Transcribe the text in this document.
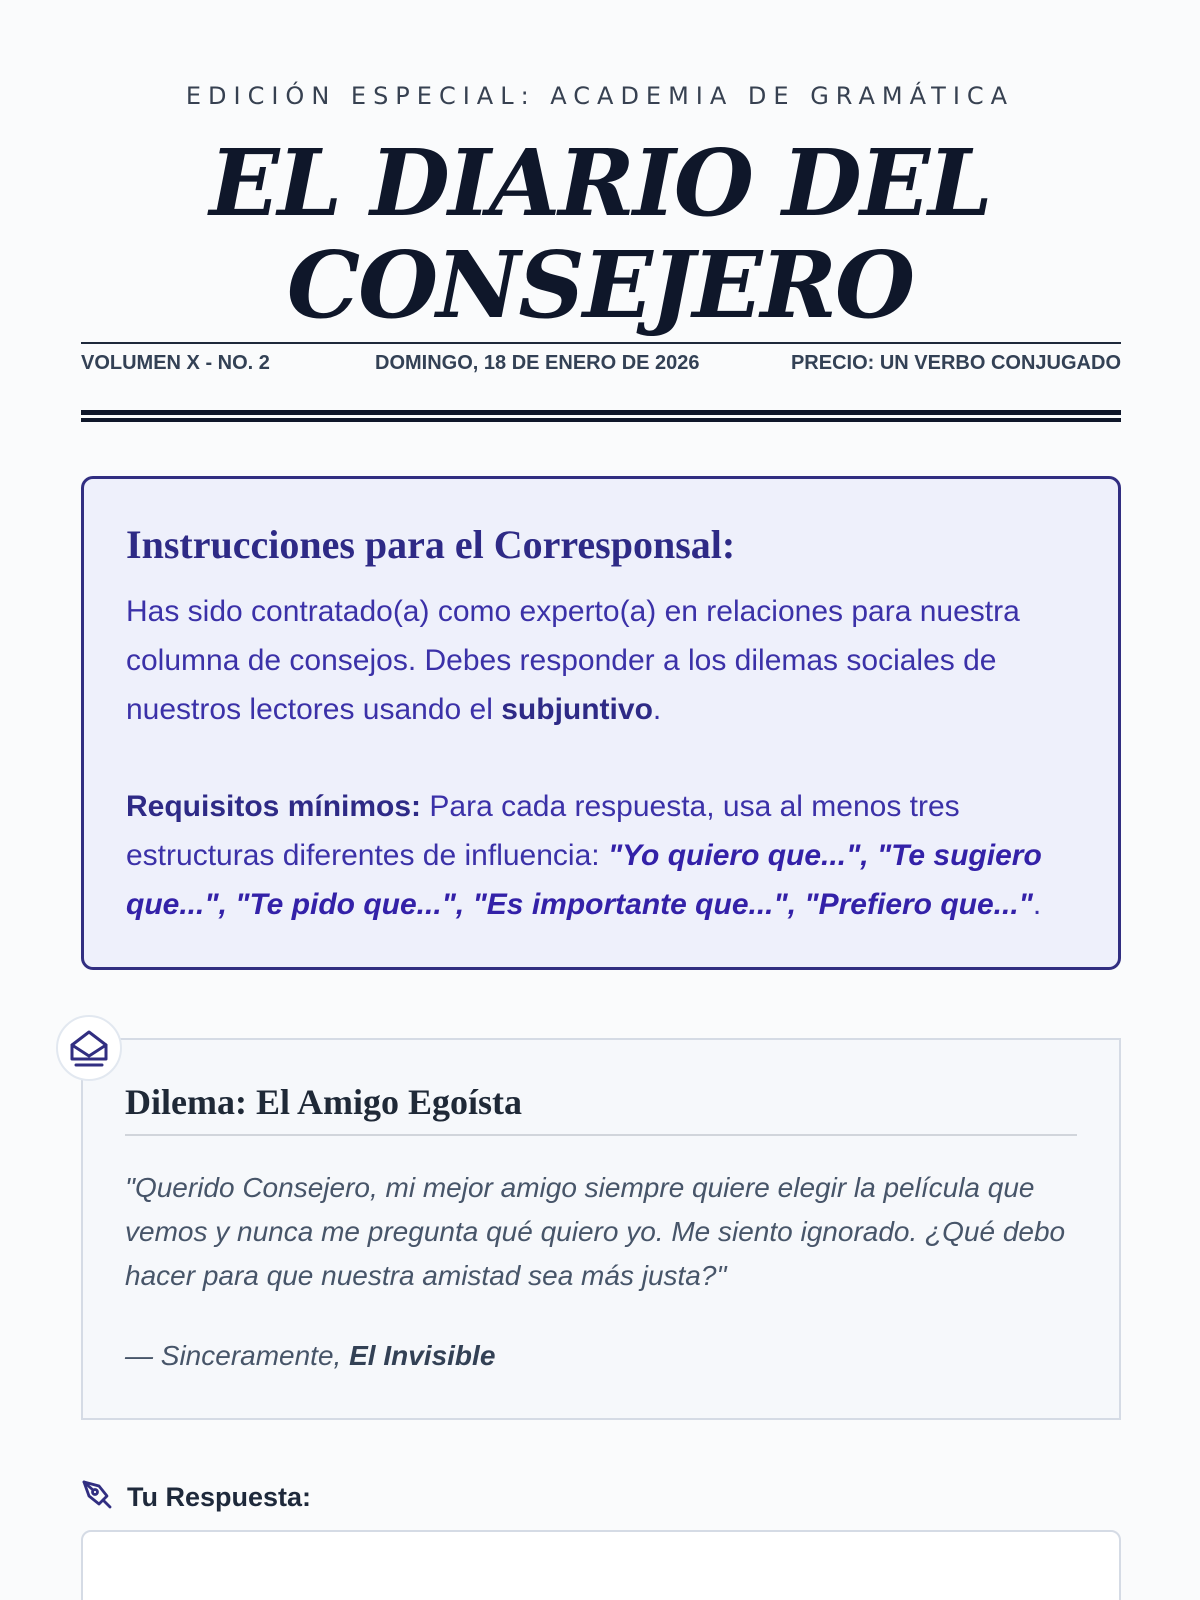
EDICIÓN ESPECIAL: ACADEMIA DE GRAMÁTICA
EL DIARIO DEL
CONSEJERO
VOLUMEN X - NO. 2	DOMINGO, 18 DE ENERO DE 2026	PRECIO: UN VERBO CONJUGADO
Instrucciones para el Corresponsal:

Has sido contratado(a) como experto(a) en relaciones para nuestra columna de consejos. Debes responder a los dilemas sociales de nuestros lectores usando el subjuntivo.

Requisitos mínimos: Para cada respuesta, usa al menos tres estructuras diferentes de influencia: "Yo quiero que...", "Te sugiero que...", "Te pido que...", "Es importante que...", "Prefiero que...".

Dilema: El Amigo Egoísta

"Querido Consejero, mi mejor amigo siempre quiere elegir la película que vemos y nunca me pregunta qué quiero yo. Me siento ignorado. ¿Qué debo hacer para que nuestra amistad sea más justa?"

— Sinceramente, El Invisible

Tu Respuesta:
